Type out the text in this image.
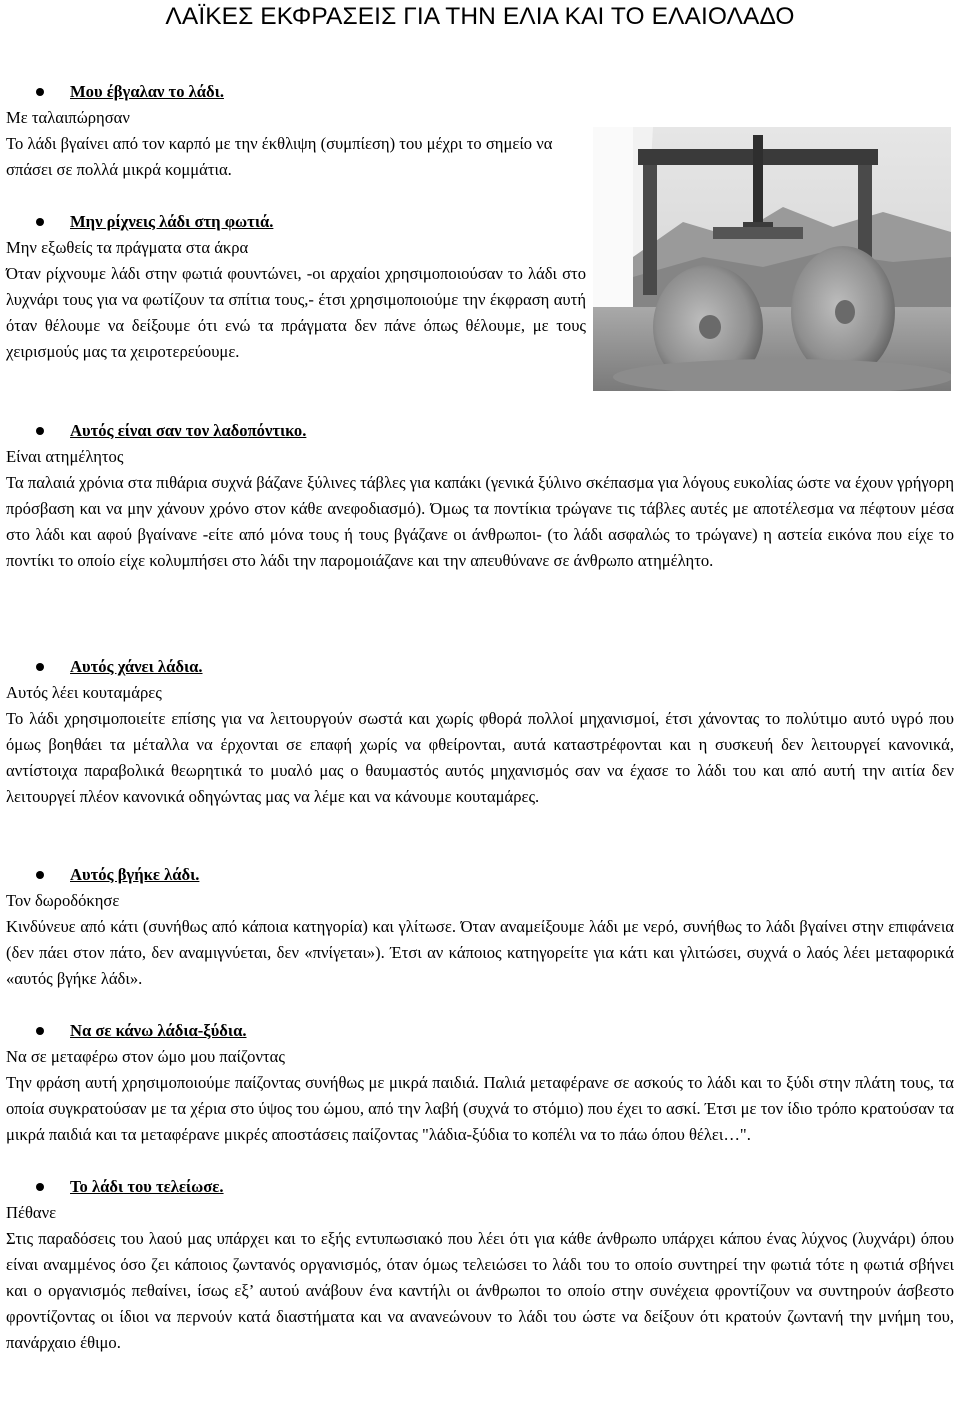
ΛΑΪΚΕΣ ΕΚΦΡΑΣΕΙΣ ΓΙΑ ΤΗΝ ΕΛΙΑ ΚΑΙ ΤΟ ΕΛΑΙΟΛΑΔΟ
Μου έβγαλαν το λάδι.
Με ταλαιπώρησαν

Το λάδι βγαίνει από τον καρπό με την έκθλιψη (συμπίεση) του μέχρι το σημείο να σπάσει σε πολλά μικρά κομμάτια.

Μην ρίχνεις λάδι στη φωτιά.
Μην εξωθείς τα πράγματα στα άκρα

Όταν ρίχνουμε λάδι στην φωτιά φουντώνει, -οι αρχαίοι χρησιμοποιούσαν το λάδι στο λυχνάρι τους για να φωτίζουν τα σπίτια τους,- έτσι χρησιμοποιούμε την έκφραση αυτή όταν θέλουμε να δείξουμε ότι ενώ τα πράγματα δεν πάνε όπως θέλουμε, με τους χειρισμούς μας τα χειροτερεύουμε.

Αυτός είναι σαν τον λαδοπόντικο.
Είναι ατημέλητος

Τα παλαιά χρόνια στα πιθάρια συχνά βάζανε ξύλινες τάβλες για καπάκι (γενικά ξύλινο σκέπασμα για λόγους ευκολίας ώστε να έχουν γρήγορη πρόσβαση και να μην χάνουν χρόνο στον κάθε ανεφοδιασμό). Όμως τα ποντίκια τρώγανε τις τάβλες αυτές με αποτέλεσμα να πέφτουν μέσα στο λάδι και αφού βγαίνανε -είτε από μόνα τους ή τους βγάζανε οι άνθρωποι- (το λάδι ασφαλώς το τρώγανε) η αστεία εικόνα που είχε το ποντίκι το οποίο είχε κολυμπήσει στο λάδι την παρομοιάζανε και την απευθύνανε σε άνθρωπο ατημέλητο.

Αυτός χάνει λάδια.
Αυτός λέει κουταμάρες

Το λάδι χρησιμοποιείτε επίσης για να λειτουργούν σωστά και χωρίς φθορά πολλοί μηχανισμοί, έτσι χάνοντας το πολύτιμο αυτό υγρό που όμως βοηθάει τα μέταλλα να έρχονται σε επαφή χωρίς να φθείρονται, αυτά καταστρέφονται και η συσκευή δεν λειτουργεί κανονικά, αντίστοιχα παραβολικά θεωρητικά το μυαλό μας ο θαυμαστός αυτός μηχανισμός σαν να έχασε το λάδι του και από αυτή την αιτία δεν λειτουργεί πλέον κανονικά οδηγώντας μας να λέμε και να κάνουμε κουταμάρες.

Αυτός βγήκε λάδι.
Τον δωροδόκησε

Κινδύνευε από κάτι (συνήθως από κάποια κατηγορία) και γλίτωσε. Όταν αναμείξουμε λάδι με νερό, συνήθως το λάδι βγαίνει στην επιφάνεια (δεν πάει στον πάτο, δεν αναμιγνύεται, δεν «πνίγεται»). Έτσι αν κάποιος κατηγορείτε για κάτι και γλιτώσει, συχνά ο λαός λέει μεταφορικά «αυτός βγήκε λάδι».

Να σε κάνω λάδια-ξύδια.
Να σε μεταφέρω στον ώμο μου παίζοντας

Την φράση αυτή χρησιμοποιούμε παίζοντας συνήθως με μικρά παιδιά. Παλιά μεταφέρανε σε ασκούς το λάδι και το ξύδι στην πλάτη τους, τα οποία συγκρατούσαν με τα χέρια στο ύψος του ώμου, από την λαβή (συχνά το στόμιο) που έχει το ασκί. Έτσι με τον ίδιο τρόπο κρατούσαν τα μικρά παιδιά και τα μεταφέρανε μικρές αποστάσεις παίζοντας "λάδια-ξύδια το κοπέλι να το πάω όπου θέλει…".

Το λάδι του τελείωσε.
Πέθανε

Στις παραδόσεις του λαού μας υπάρχει και το εξής εντυπωσιακό που λέει ότι για κάθε άνθρωπο υπάρχει κάπου ένας λύχνος (λυχνάρι) όπου είναι αναμμένος όσο ζει κάποιος ζωντανός οργανισμός, όταν όμως τελειώσει το λάδι του το οποίο συντηρεί την φωτιά τότε η φωτιά σβήνει και ο οργανισμός πεθαίνει, ίσως εξ’ αυτού ανάβουν ένα καντήλι οι άνθρωποι το οποίο στην συνέχεια φροντίζουν να συντηρούν άσβεστο φροντίζοντας οι ίδιοι να περνούν κατά διαστήματα και να ανανεώνουν το λάδι του ώστε να δείξουν ότι κρατούν ζωντανή την μνήμη του, πανάρχαιο έθιμο.
